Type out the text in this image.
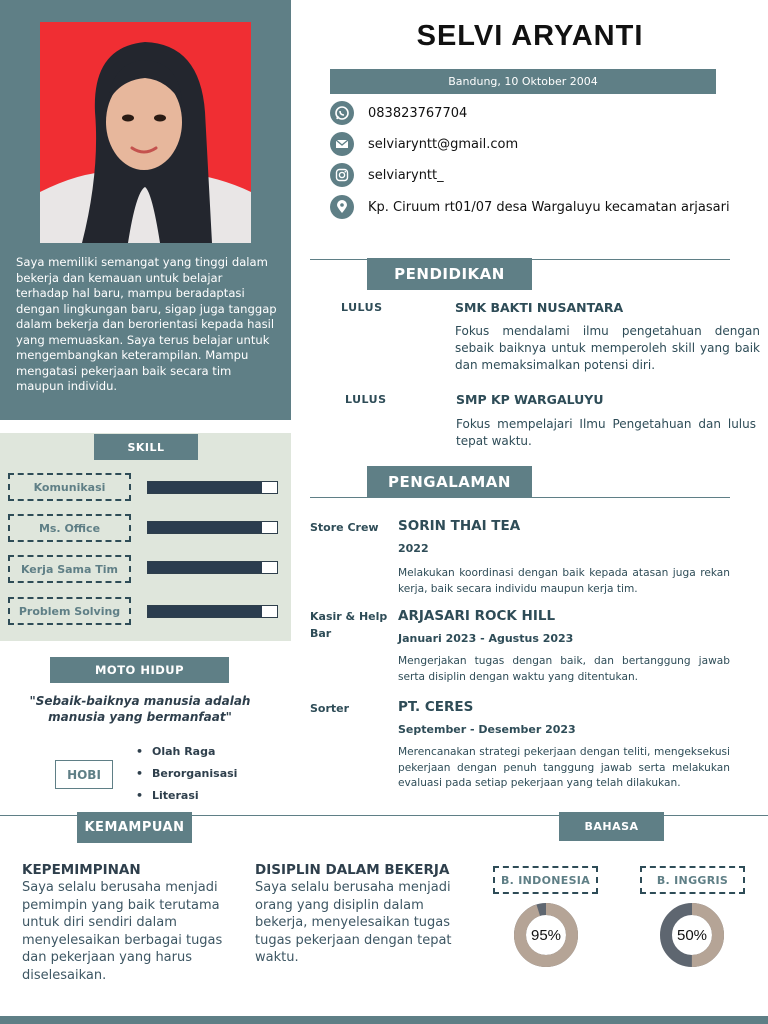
Saya memiliki semangat yang tinggi dalam bekerja dan kemauan untuk belajar terhadap hal baru, mampu beradaptasi dengan lingkungan baru, sigap juga tanggap dalam bekerja dan berorientasi kepada hasil yang memuaskan. Saya terus belajar untuk mengembangkan keterampilan. Mampu mengatasi pekerjaan baik secara tim maupun individu.
SKILL
Komunikasi
Ms. Office
Kerja Sama Tim
Problem Solving
MOTO HIDUP
"Sebaik-baiknya manusia adalah
manusia yang bermanfaat"
HOBI
• Olah Raga
• Berorganisasi
• Literasi
SELVI ARYANTI
Bandung, 10 Oktober 2004
083823767704
selviaryntt@gmail.com
selviaryntt_
Kp. Ciruum rt01/07 desa Wargaluyu kecamatan arjasari
PENDIDIKAN
LULUS	SMK BAKTI NUSANTARA
Fokus mendalami ilmu pengetahuan dengan sebaik baiknya untuk memperoleh skill yang baik dan memaksimalkan potensi diri.
LULUS	SMP KP WARGALUYU
Fokus mempelajari Ilmu Pengetahuan dan lulus tepat waktu.
PENGALAMAN
Store Crew	SORIN THAI TEA
2022
Melakukan koordinasi dengan baik kepada atasan juga rekan kerja, baik secara individu maupun kerja tim.
Kasir & Help Bar
ARJASARI ROCK HILL
Januari 2023 - Agustus 2023
Mengerjakan tugas dengan baik, dan bertanggung jawab serta disiplin dengan waktu yang ditentukan.
Sorter	PT. CERES
September - Desember 2023
Merencanakan strategi pekerjaan dengan teliti, mengeksekusi pekerjaan dengan penuh tanggung jawab serta melakukan evaluasi pada setiap pekerjaan yang telah dilakukan.
KEMAMPUAN	BAHASA
KEPEMIMPINAN
Saya selalu berusaha menjadi pemimpin yang baik terutama untuk diri sendiri dalam menyelesaikan berbagai tugas dan pekerjaan yang harus diselesaikan.
DISIPLIN DALAM BEKERJA
Saya selalu berusaha menjadi orang yang disiplin dalam bekerja, menyelesaikan tugas tugas pekerjaan dengan tepat waktu.
B. INDONESIA	B. INGGRIS
95%	50%
